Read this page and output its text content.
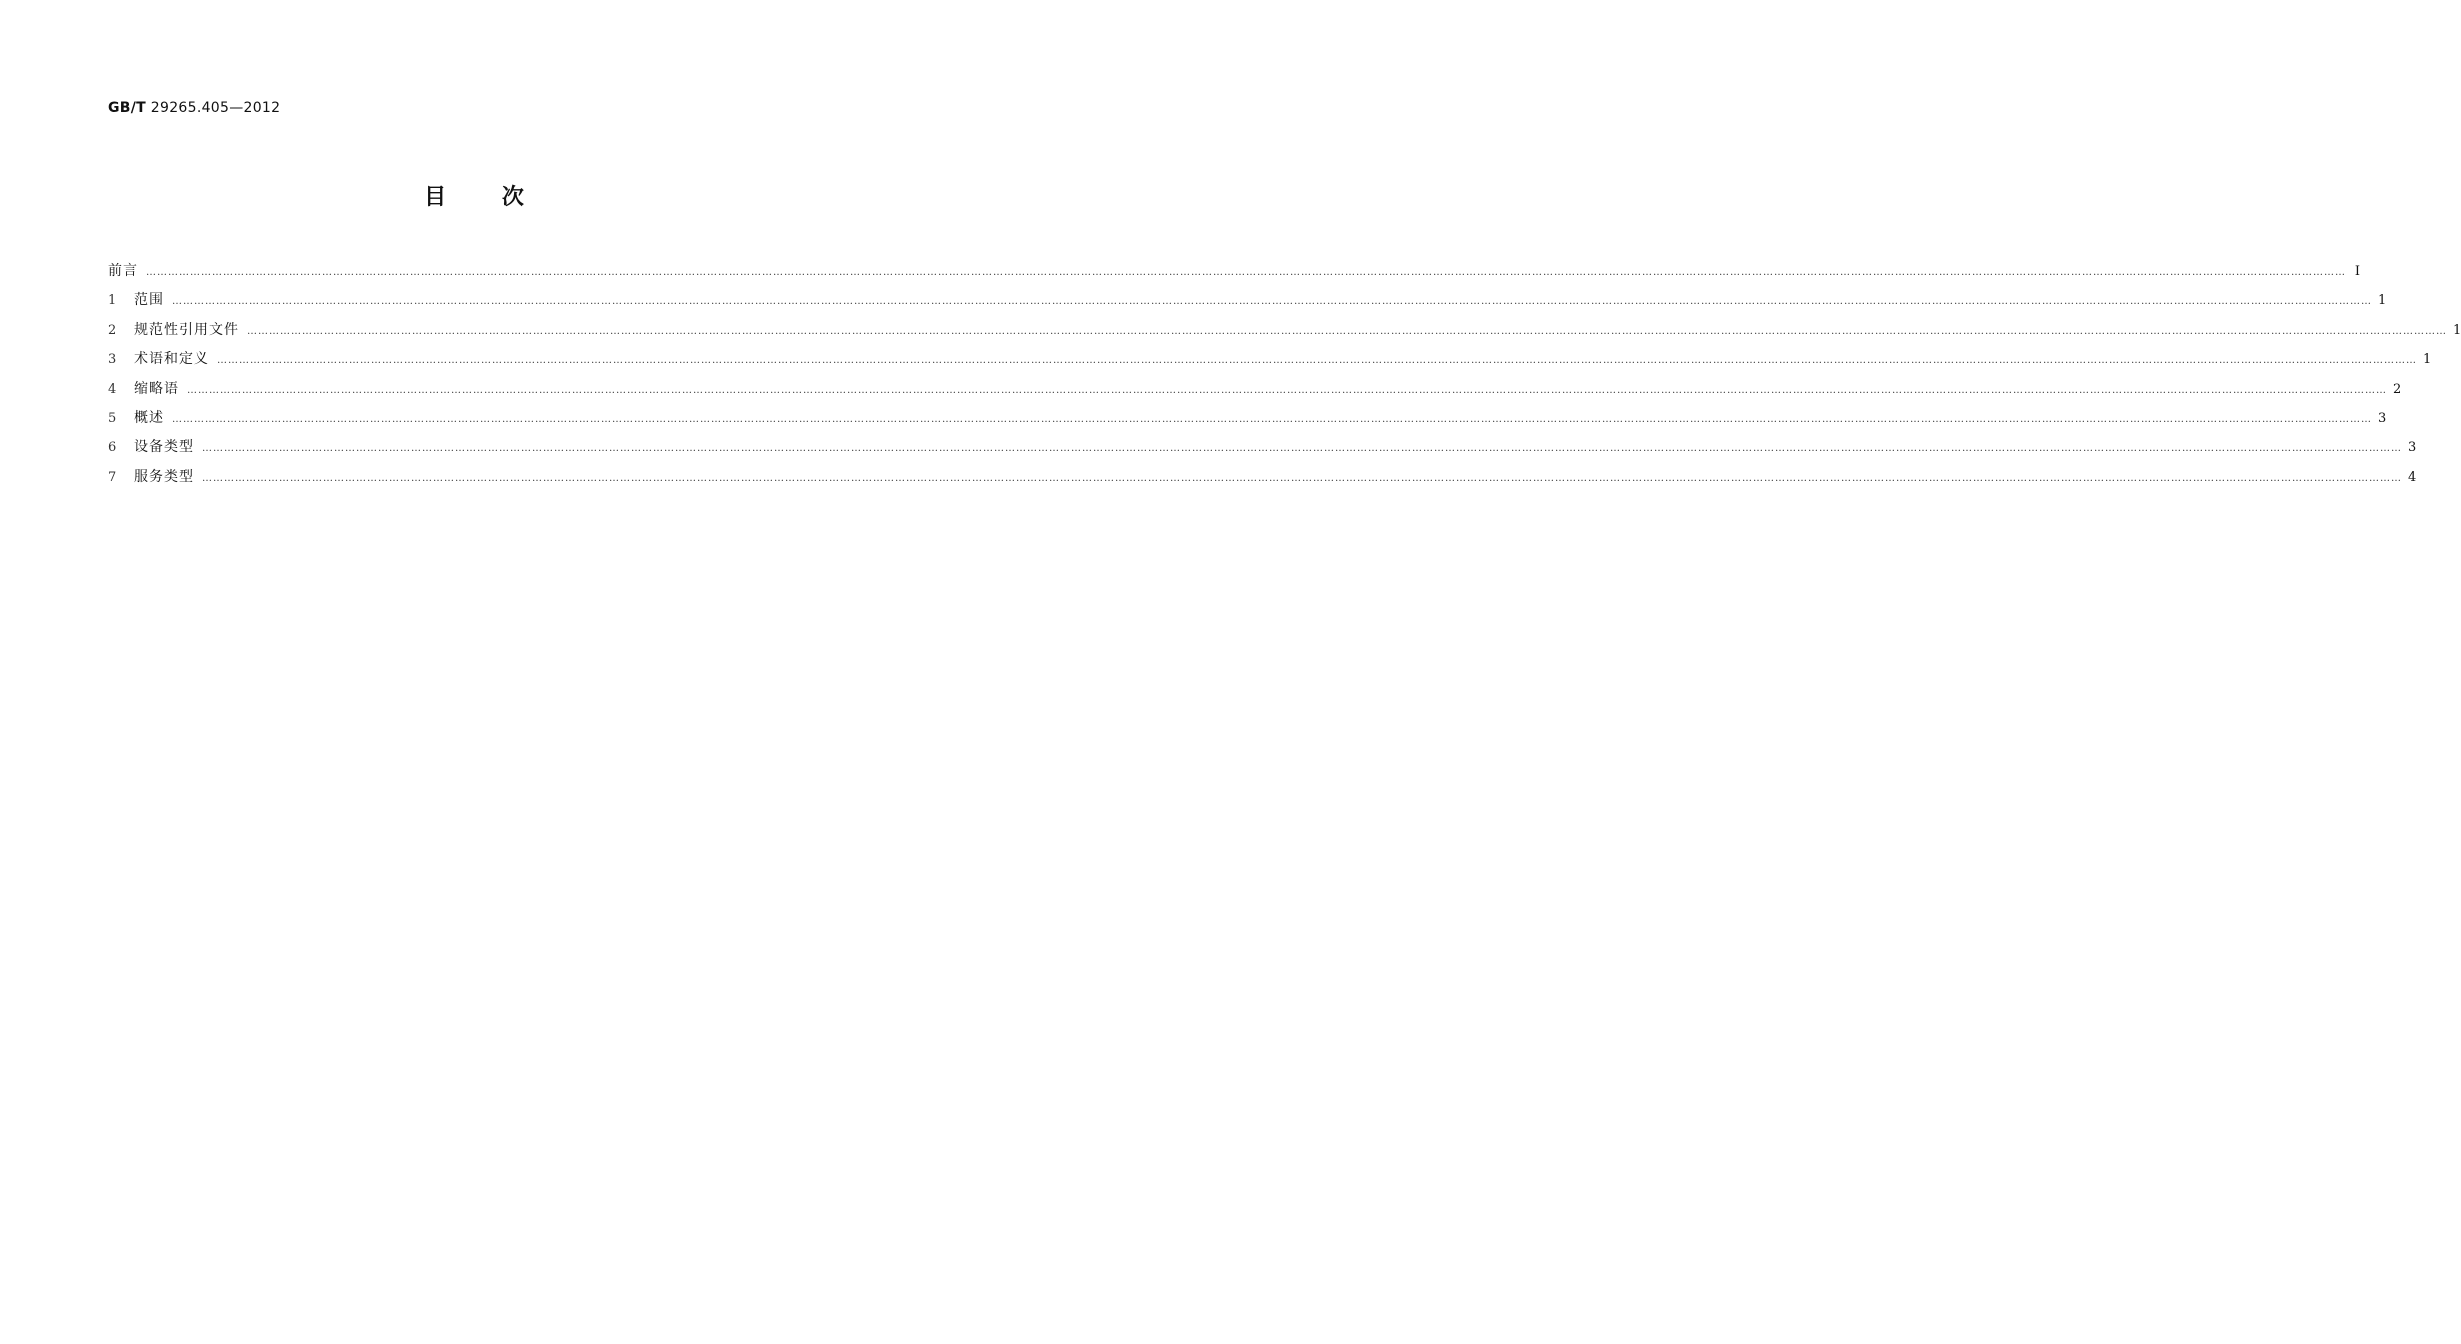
GB/T 29265.405—2012
目 次
前言 …………………………………………………………………………………………………………………………………………………………………………………………………………………………………………………………………………………………………………………………………………………………………………………………………………………………………………………………………………………………………………………………………………………… Ⅰ
1	范围 …………………………………………………………………………………………………………………………………………………………………………………………………………………………………………………………………………………………………………………………………………………………………………………………………………………………………………………………………………………………………………………………………………………… 1
2	规范性引用文件 …………………………………………………………………………………………………………………………………………………………………………………………………………………………………………………………………………………………………………………………………………………………………………………………………………………………………………………………………………………………………………………………………………………… 1
3	术语和定义 …………………………………………………………………………………………………………………………………………………………………………………………………………………………………………………………………………………………………………………………………………………………………………………………………………………………………………………………………………………………………………………………………………………… 1
4	缩略语 …………………………………………………………………………………………………………………………………………………………………………………………………………………………………………………………………………………………………………………………………………………………………………………………………………………………………………………………………………………………………………………………………………………… 2
5	概述 …………………………………………………………………………………………………………………………………………………………………………………………………………………………………………………………………………………………………………………………………………………………………………………………………………………………………………………………………………………………………………………………………………………… 3
6	设备类型 …………………………………………………………………………………………………………………………………………………………………………………………………………………………………………………………………………………………………………………………………………………………………………………………………………………………………………………………………………………………………………………………………………………… 3
7	服务类型 …………………………………………………………………………………………………………………………………………………………………………………………………………………………………………………………………………………………………………………………………………………………………………………………………………………………………………………………………………………………………………………………………………………… 4
